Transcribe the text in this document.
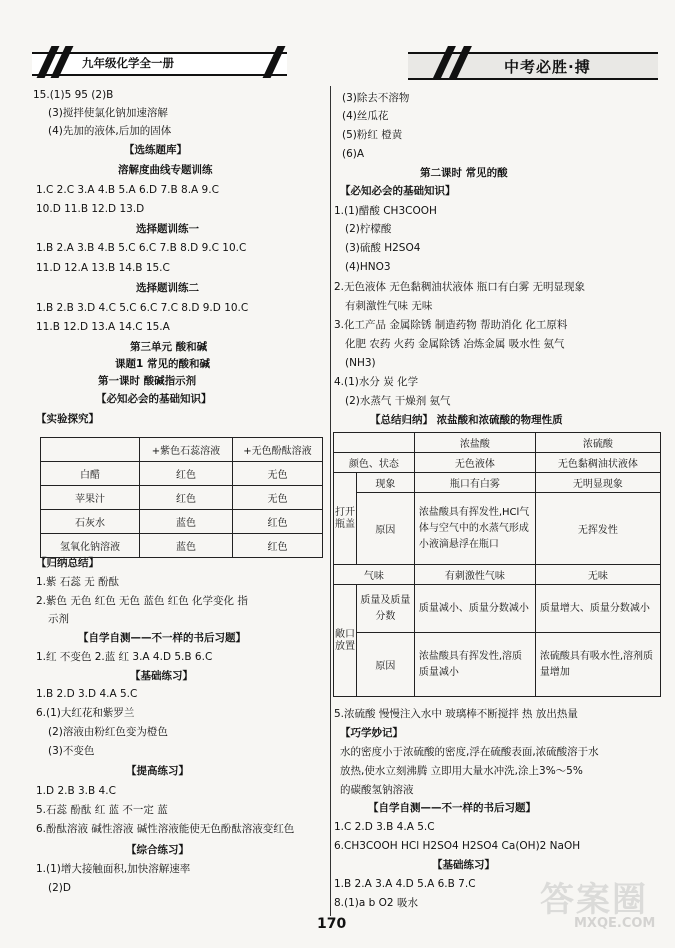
九年级化学全一册	中考必胜·搏
15.(1)5 95 (2)B
(3)搅拌使氯化钠加速溶解
(4)先加的液体,后加的固体
【选练题库】
溶解度曲线专题训练
1.C 2.C 3.A 4.B 5.A 6.D 7.B 8.A 9.C
10.D 11.B 12.D 13.D
选择题训练一
1.B 2.A 3.B 4.B 5.C 6.C 7.B 8.D 9.C 10.C
11.D 12.A 13.B 14.B 15.C
选择题训练二
1.B 2.B 3.D 4.C 5.C 6.C 7.C 8.D 9.D 10.C
11.B 12.D 13.A 14.C 15.A
第三单元 酸和碱
课题1 常见的酸和碱
第一课时 酸碱指示剂
【必知必会的基础知识】
【实验探究】
【归纳总结】
1.紫 石蕊 无 酚酞
2.紫色 无色 红色 无色 蓝色 红色 化学变化 指
示剂
【自学自测——不一样的书后习题】
1.红 不变色 2.蓝 红 3.A 4.D 5.B 6.C
【基础练习】
1.B 2.D 3.D 4.A 5.C
6.(1)大红花和紫罗兰
(2)溶液由粉红色变为橙色
(3)不变色
【提高练习】
1.D 2.B 3.B 4.C
5.石蕊 酚酞 红 蓝 不一定 蓝
6.酚酞溶液 碱性溶液 碱性溶液能使无色酚酞溶液变红色
【综合练习】
1.(1)增大接触面积,加快溶解速率
(2)D
	+紫色石蕊溶液	+无色酚酞溶液
白醋	红色	无色
苹果汁	红色	无色
石灰水	蓝色	红色
氢氧化钠溶液	蓝色	红色
(3)除去不溶物
(4)丝瓜花
(5)粉红 橙黄
(6)A
第二课时 常见的酸
【必知必会的基础知识】
1.(1)醋酸 CH3COOH
(2)柠檬酸
(3)硫酸 H2SO4
(4)HNO3
2.无色液体 无色黏稠油状液体 瓶口有白雾 无明显现象
有刺激性气味 无味
3.化工产品 金属除锈 制造药物 帮助消化 化工原料
化肥 农药 火药 金属除锈 冶炼金属 吸水性 氨气
(NH3)
4.(1)水分 炭 化学
(2)水蒸气 干燥剂 氨气
【总结归纳】 浓盐酸和浓硫酸的物理性质
5.浓硫酸 慢慢注入水中 玻璃棒不断搅拌 热 放出热量
【巧学妙记】
水的密度小于浓硫酸的密度,浮在硫酸表面,浓硫酸溶于水
放热,使水立刻沸腾 立即用大量水冲洗,涂上3%～5%
的碳酸氢钠溶液
【自学自测——不一样的书后习题】
1.C 2.D 3.B 4.A 5.C
6.CH3COOH HCl H2SO4 H2SO4 Ca(OH)2 NaOH
【基础练习】
1.B 2.A 3.A 4.D 5.A 6.B 7.C
8.(1)a b O2 吸水
		浓盐酸	浓硫酸
颜色、状态		无色液体	无色黏稠油状液体
打开瓶盖	现象	瓶口有白雾	无明显现象
	原因	浓盐酸具有挥发性,HCl气体与空气中的水蒸气形成小液滴悬浮在瓶口	无挥发性
气味		有刺激性气味	无味
敞口放置	质量及质量分数	质量减小、质量分数减小	质量增大、质量分数减小
	原因	浓盐酸具有挥发性,溶质质量减小	浓硫酸具有吸水性,溶剂质量增加
170
答案圈
MXQE.COM
